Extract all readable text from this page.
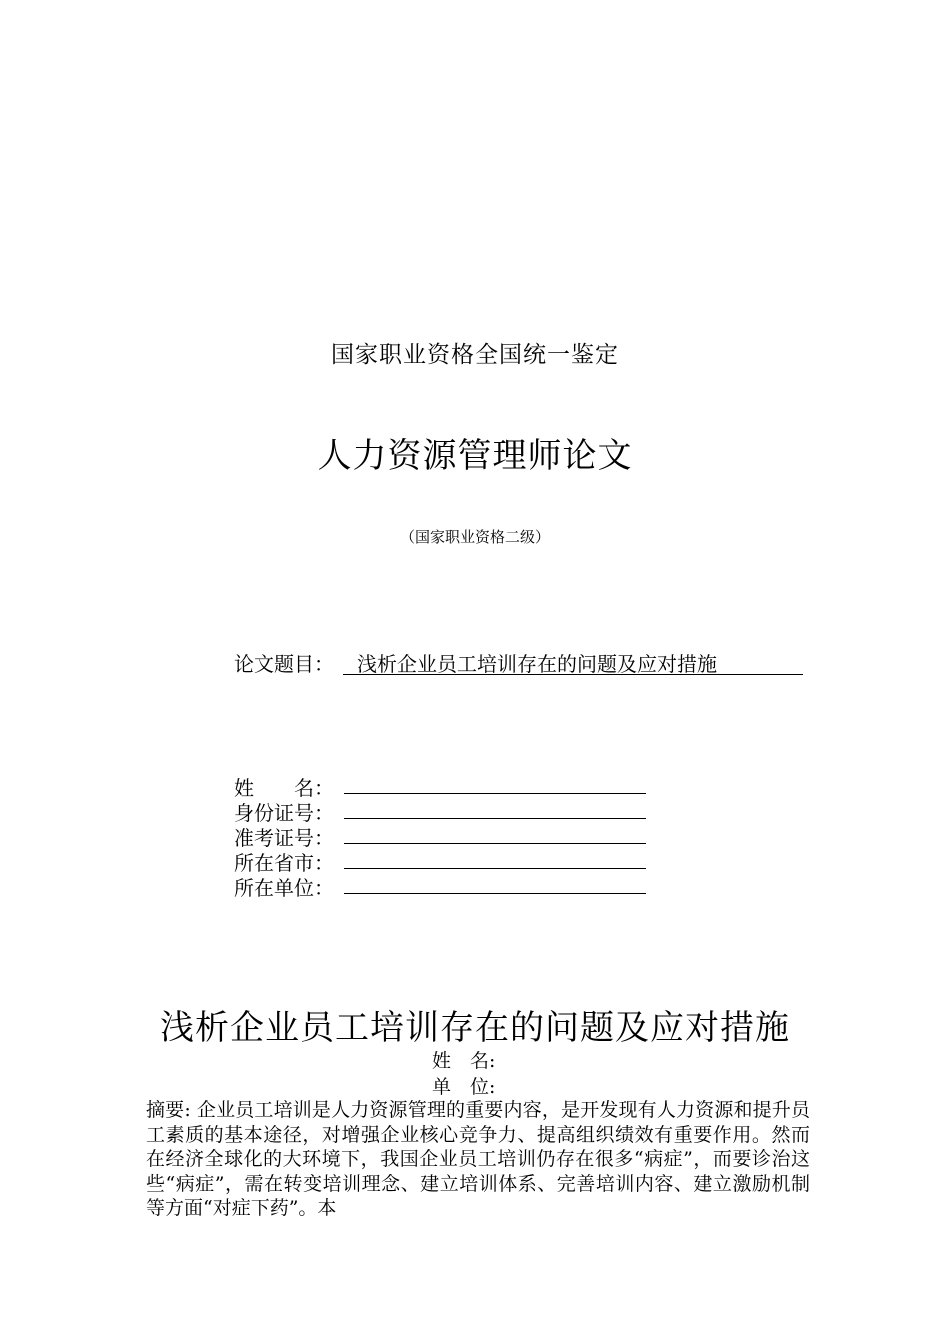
国家职业资格全国统一鉴定
人力资源管理师论文
（国家职业资格二级）
论文题目：	浅析企业员工培训存在的问题及应对措施
姓　　名：
身份证号：
准考证号：
所在省市：
所在单位：
浅析企业员工培训存在的问题及应对措施
姓　名:
单　位:
摘要: 企业员工培训是人力资源管理的重要内容，是开发现有人力资源和提升员工素质的基本途径，对增强企业核心竞争力、提高组织绩效有重要作用。然而在经济全球化的大环境下，我国企业员工培训仍存在很多“病症”，而要诊治这些“病症”，需在转变培训理念、建立培训体系、完善培训内容、建立激励机制等方面“对症下药”。本
